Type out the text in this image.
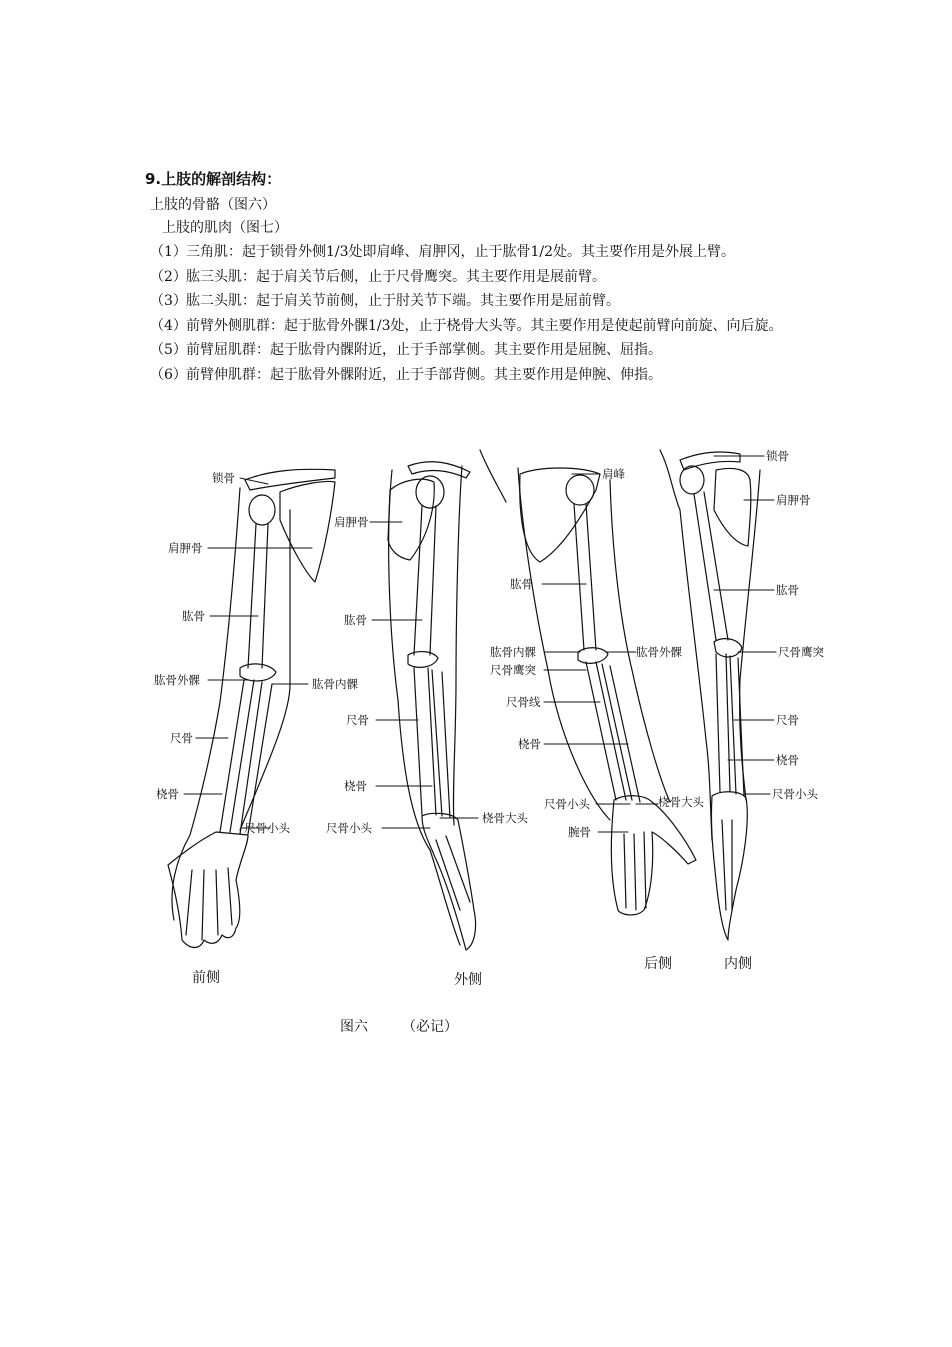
9.上肢的解剖结构：
上肢的骨骼（图六）
上肢的肌肉（图七）
（1） 三角肌：起于锁骨外侧1/3处即肩峰、肩胛冈，止于肱骨1/2处。其主要作用是外展上臂。
（2） 肱三头肌：起于肩关节后侧，止于尺骨鹰突。其主要作用是展前臂。
（3） 肱二头肌：起于肩关节前侧，止于肘关节下端。其主要作用是屈前臂。
（4） 前臂外侧肌群：起于肱骨外髁1/3处，止于桡骨大头等。其主要作用是使起前臂向前旋、向后旋。
（5） 前臂屈肌群：起于肱骨内髁附近，止于手部掌侧。其主要作用是屈腕、屈指。
（6） 前臂伸肌群：起于肱骨外髁附近，止于手部背侧。其主要作用是伸腕、伸指。
锁骨
肩胛骨
肱骨
肱骨外髁	肱骨内髁
尺骨
桡骨
尺骨小头
前侧
肩胛骨
肱骨
尺骨
桡骨
尺骨小头
桡骨大头
外侧
肩峰
肱骨
肱骨内髁
尺骨鹰突
肱骨外髁
尺骨线
桡骨
尺骨小头	桡骨大头
腕骨
后侧
锁骨
肩胛骨
肱骨
尺骨鹰突
尺骨
桡骨
尺骨小头
内侧
图六 （必记）
